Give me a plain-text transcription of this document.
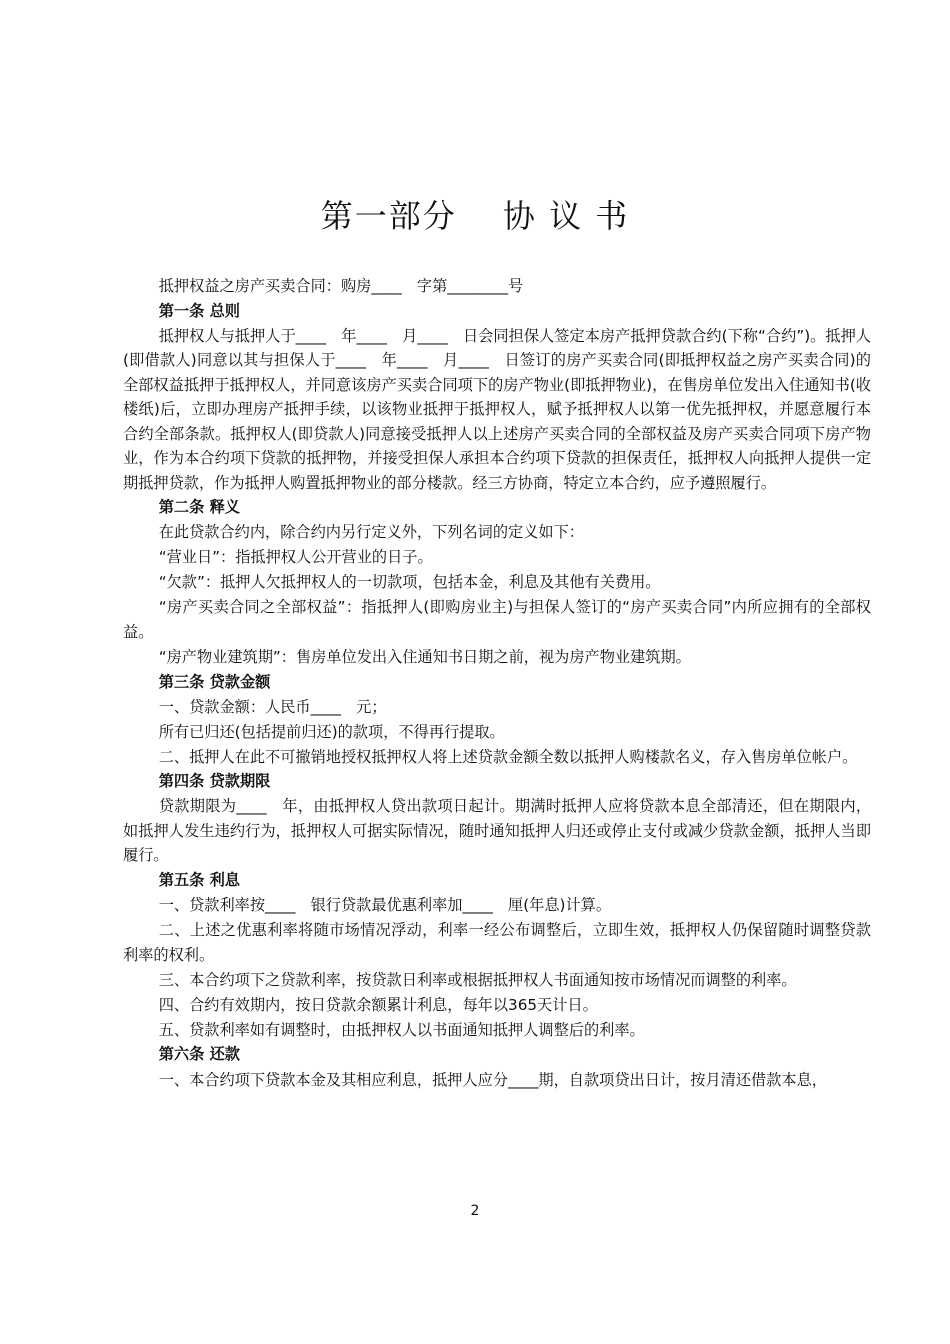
第一部分　 协 议 书

抵押权益之房产买卖合同：购房____　字第________号

第一条 总则

抵押权人与抵押人于____　年____　月____　日会同担保人签定本房产抵押贷款合约(下称“合约”)。抵押人(即借款人)同意以其与担保人于____　年____　月____　日签订的房产买卖合同(即抵押权益之房产买卖合同)的全部权益抵押于抵押权人，并同意该房产买卖合同项下的房产物业(即抵押物业)，在售房单位发出入住通知书(收楼纸)后，立即办理房产抵押手续，以该物业抵押于抵押权人，赋予抵押权人以第一优先抵押权，并愿意履行本合约全部条款。抵押权人(即贷款人)同意接受抵押人以上述房产买卖合同的全部权益及房产买卖合同项下房产物业，作为本合约项下贷款的抵押物，并接受担保人承担本合约项下贷款的担保责任，抵押权人向抵押人提供一定期抵押贷款，作为抵押人购置抵押物业的部分楼款。经三方协商，特定立本合约，应予遵照履行。

第二条 释义

在此贷款合约内，除合约内另行定义外，下列名词的定义如下：

“营业日”：指抵押权人公开营业的日子。

“欠款”：抵押人欠抵押权人的一切款项，包括本金，利息及其他有关费用。

“房产买卖合同之全部权益”：指抵押人(即购房业主)与担保人签订的“房产买卖合同”内所应拥有的全部权益。

“房产物业建筑期”：售房单位发出入住通知书日期之前，视为房产物业建筑期。

第三条 贷款金额

一、贷款金额：人民币____　元；

所有已归还(包括提前归还)的款项，不得再行提取。

二、抵押人在此不可撤销地授权抵押权人将上述贷款金额全数以抵押人购楼款名义，存入售房单位帐户。

第四条 贷款期限

贷款期限为____　年，由抵押权人贷出款项日起计。期满时抵押人应将贷款本息全部清还，但在期限内，如抵押人发生违约行为，抵押权人可据实际情况，随时通知抵押人归还或停止支付或减少贷款金额，抵押人当即履行。

第五条 利息

一、贷款利率按____　银行贷款最优惠利率加____　厘(年息)计算。

二、上述之优惠利率将随市场情况浮动，利率一经公布调整后，立即生效，抵押权人仍保留随时调整贷款利率的权利。

三、本合约项下之贷款利率，按贷款日利率或根据抵押权人书面通知按市场情况而调整的利率。

四、合约有效期内，按日贷款余额累计利息，每年以365天计日。

五、贷款利率如有调整时，由抵押权人以书面通知抵押人调整后的利率。

第六条 还款

一、本合约项下贷款本金及其相应利息，抵押人应分____期，自款项贷出日计，按月清还借款本息，

2
